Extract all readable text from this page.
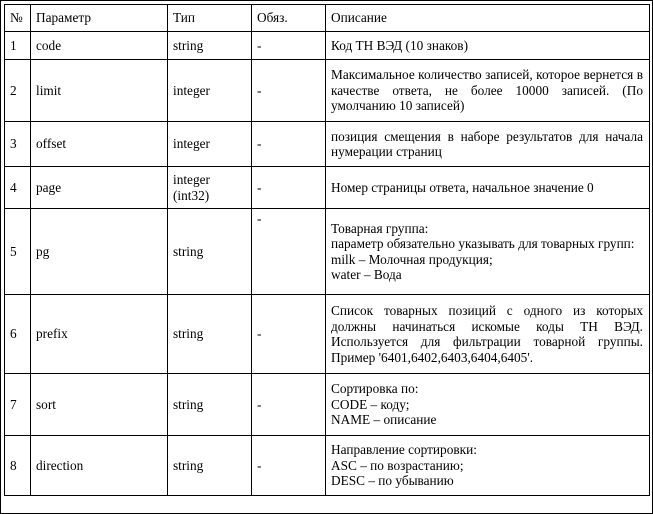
№	Параметр	Тип	Обяз.	Описание
1	code	string	-	Код ТН ВЭД (10 знаков)
2	limit	integer	-	Максимальное количество записей, которое вернется в качестве ответа, не более 10000 записей. (По умолчанию 10 записей)
3	offset	integer	-	позиция смещения в наборе результатов для начала нумерации страниц
4	page	integer (int32)	-	Номер страницы ответа, начальное значение 0
5	pg	string	-	Товарная группа:
параметр обязательно указывать для товарных групп:
milk – Молочная продукция;
water – Вода

6	prefix	string	-	Список товарных позиций с одного из которых должны начинаться искомые коды ТН ВЭД. Используется для фильтрации товарной группы. Пример '6401,6402,6403,6404,6405'.
7	sort	string	-	Сортировка по:
CODE – коду;
NAME – описание

8	direction	string	-	Направление сортировки:
ASC – по возрастанию;
DESC – по убыванию
